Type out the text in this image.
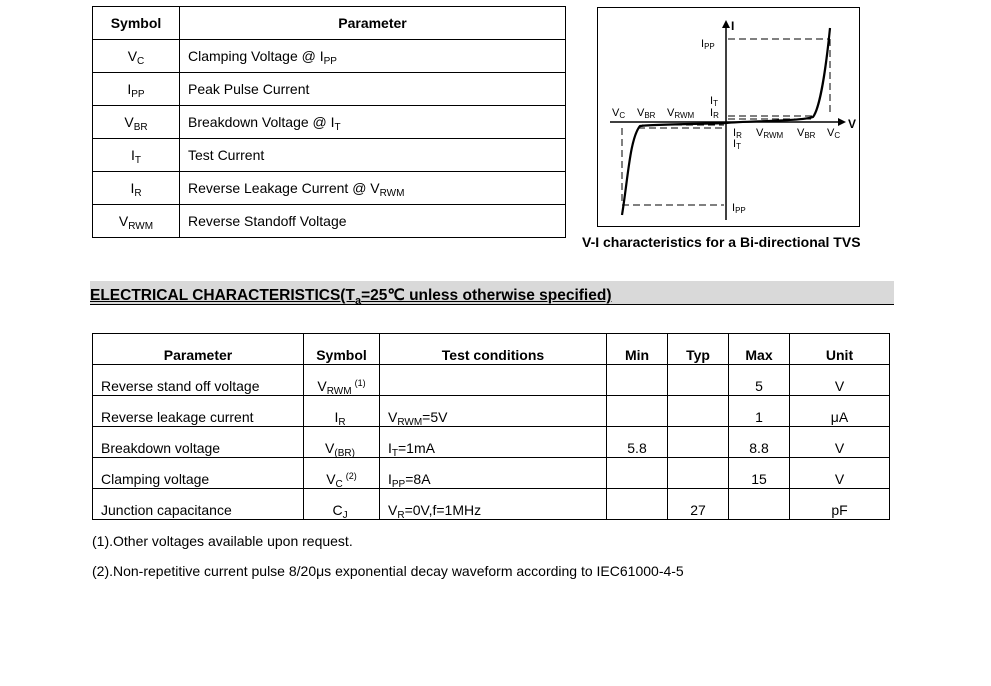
Symbol	Parameter
$V_C$	Clamping Voltage @ $I_{PP}$
$I_{PP}$	Peak Pulse Current
$V_{BR}$	Breakdown Voltage @ $I_T$
$I_T$	Test Current
$I_R$	Reverse Leakage Current @ $V_{RWM}$
$V_{RWM}$	Reverse Standoff Voltage
I
V
IPP
IT
IR
VC VBR VRWM
IR
IT
VRWM VBR VC
IPP
V-I characteristics for a Bi-directional TVS
ELECTRICAL $CHARACTERISTICS(T_a=25℃$ unless otherwise specified)
Parameter	Symbol	Test conditions	Min	Typ	Max	Unit
Reverse stand off voltage	$V_{RWM}^{(1)}$				5	V
Reverse leakage current	$I_R$	$V_{RWM}=5V$			1	μA
Breakdown voltage	$V_{(BR)}$	$I_T=1mA$	5.8		8.8	V
Clamping voltage	$V_C^{(2)}$	$I_{PP}=8A$			15	V
Junction capacitance	$C_J$	$V_R=0V,f=1MHz$		27		pF
(1).Other voltages available upon request.
(2).Non-repetitive current pulse 8/20μs exponential decay waveform according to IEC61000-4-5
